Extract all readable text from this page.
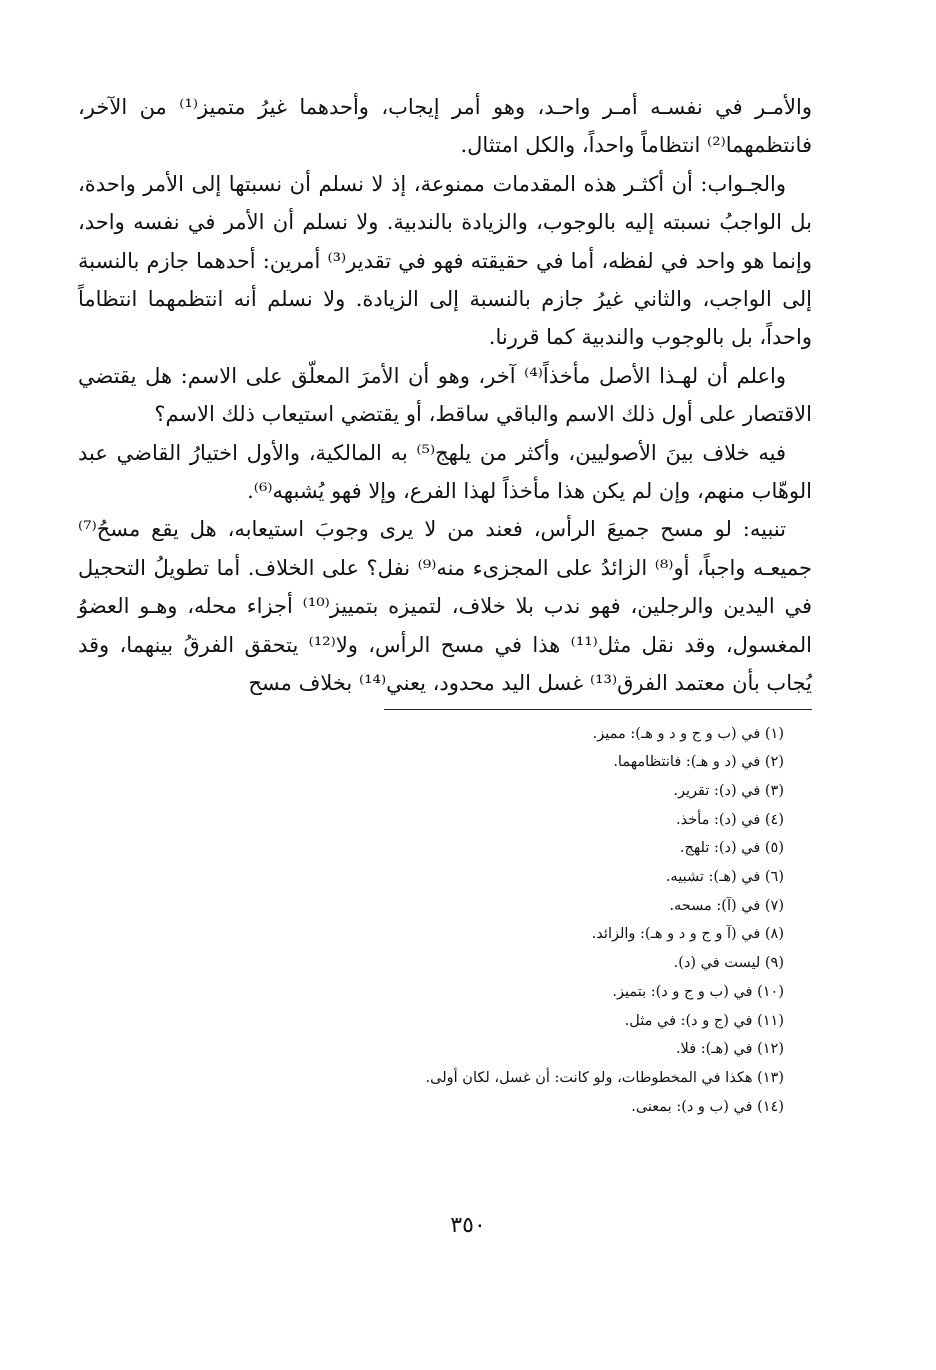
والأمـر في نفسـه أمـر واحـد، وهو أمر إيجاب، وأحدهما غيرُ متميز⁽¹⁾ من الآخر، فانتظمهما⁽²⁾ انتظاماً واحداً، والكل امتثال.

والجـواب: أن أكثـر هذه المقدمات ممنوعة، إذ لا نسلم أن نسبتها إلى الأمر واحدة، بل الواجبُ نسبته إليه بالوجوب، والزيادة بالندبية. ولا نسلم أن الأمر في نفسه واحد، وإنما هو واحد في لفظه، أما في حقيقته فهو في تقدير⁽³⁾ أمرين: أحدهما جازم بالنسبة إلى الواجب، والثاني غيرُ جازم بالنسبة إلى الزيادة. ولا نسلم أنه انتظمهما انتظاماً واحداً، بل بالوجوب والندبية كما قررنا.

واعلم أن لهـذا الأصل مأخذاً⁽⁴⁾ آخر، وهو أن الأمرَ المعلّق على الاسم: هل يقتضي الاقتصار على أول ذلك الاسم والباقي ساقط، أو يقتضي استيعاب ذلك الاسم؟

فيه خلاف بينَ الأصوليين، وأكثر من يلهج⁽⁵⁾ به المالكية، والأول اختيارُ القاضي عبد الوهّاب منهم، وإن لم يكن هذا مأخذاً لهذا الفرع، وإلا فهو يُشبهه⁽⁶⁾.

تنبيه: لو مسح جميعَ الرأس، فعند من لا يرى وجوبَ استيعابه، هل يقع مسحُ⁽⁷⁾ جميعـه واجباً، أو⁽⁸⁾ الزائدُ على المجزىء منه⁽⁹⁾ نفل؟ على الخلاف. أما تطويلُ التحجيل في اليدين والرجلين، فهو ندب بلا خلاف، لتميزه بتمييز⁽¹⁰⁾ أجزاء محله، وهـو العضوُ المغسول، وقد نقل مثل⁽¹¹⁾ هذا في مسح الرأس، ولا⁽¹²⁾ يتحقق الفرقُ بينهما، وقد يُجاب بأن معتمد الفرق⁽¹³⁾ غسل اليد محدود، يعني⁽¹⁴⁾ بخلاف مسح

(١) في (ب و ج و د و هـ): مميز.

(٢) في (د و هـ): فانتظامهما.

(٣) في (د): تقرير.

(٤) في (د): مأخذ.

(٥) في (د): تلهج.

(٦) في (هـ): تشبيه.

(٧) في (آ): مسحه.

(٨) في (آ و ج و د و هـ): والزائد.

(٩) ليست في (د).

(١٠) في (ب و ج و د): بتميز.

(١١) في (ج و د): في مثل.

(١٢) في (هـ): فلا.

(١٣) هكذا في المخطوطات، ولو كانت: أن غسل، لكان أولى.

(١٤) في (ب و د): بمعنى.

٣٥٠
